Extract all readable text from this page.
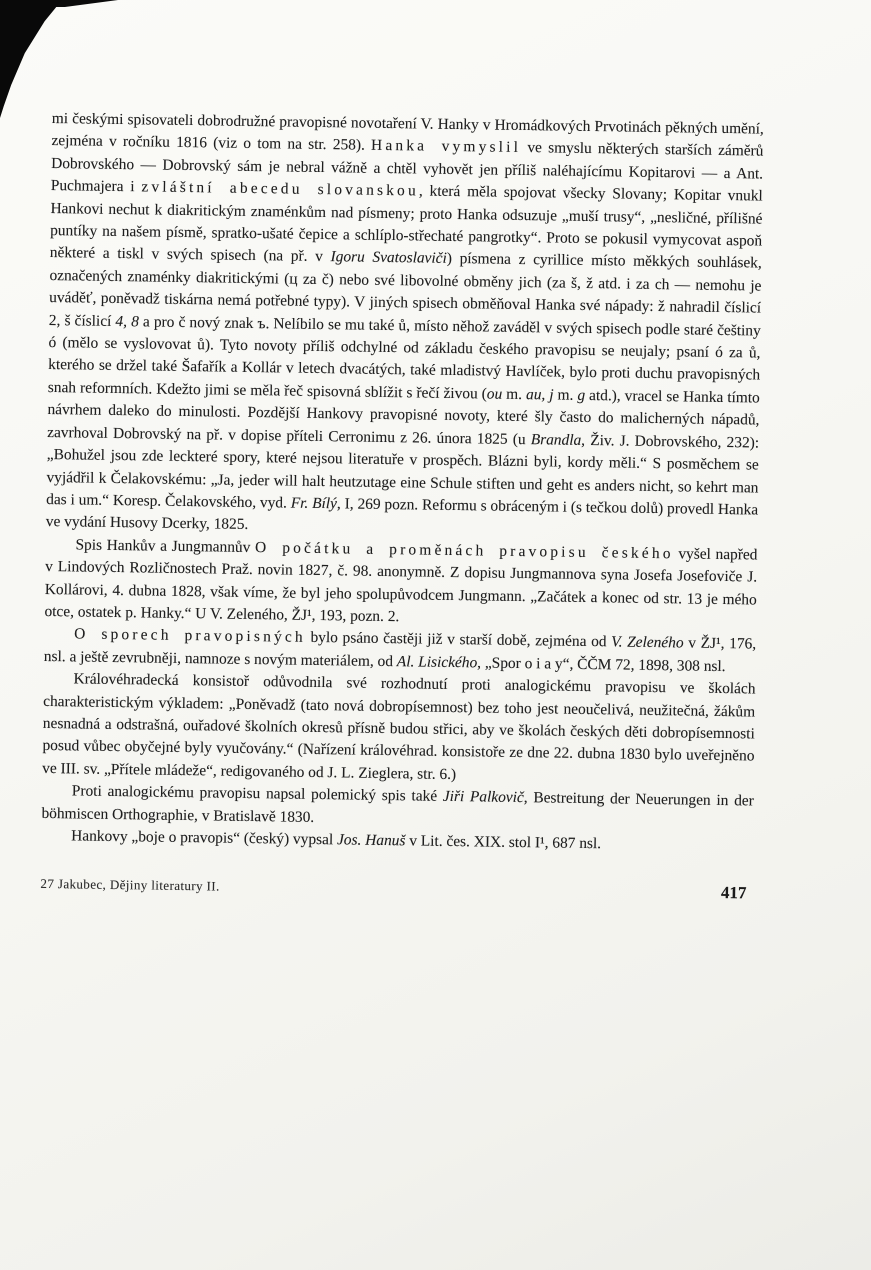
mi českými spisovateli dobrodružné pravopisné novotaření V. Hanky v Hromádkových Prvotinách pěkných umění, zejména v ročníku 1816 (viz o tom na str. 258). Hanka vymyslil ve smyslu některých starších záměrů Dobrovského — Dobrovský sám je nebral vážně a chtěl vyhovět jen příliš naléhajícímu Kopitarovi — a Ant. Puchmajera i zvláštní abecedu slovanskou, která měla spojovat všecky Slovany; Kopitar vnukl Hankovi nechut k diakritickým znaménkům nad písmeny; proto Hanka odsuzuje „muší trusy“, „nesličné, přílišné puntíky na našem písmě, spratko-ušaté čepice a schlíplo-střechaté pangrotky“. Proto se pokusil vymycovat aspoň některé a tiskl v svých spisech (na př. v Igoru Svatoslaviči) písmena z cyrillice místo měkkých souhlásek, označených znaménky diakritickými (ц za č) nebo své libovolné obměny jich (za š, ž atd. i za ch — nemohu je uváděť, poněvadž tiskárna nemá potřebné typy). V jiných spisech obměňoval Hanka své nápady: ž nahradil číslicí 2, š číslicí 4, 8 a pro č nový znak ъ. Nelíbilo se mu také ů, místo něhož zaváděl v svých spisech podle staré češtiny ó (mělo se vyslovovat ů). Tyto novoty příliš odchylné od základu českého pravopisu se neujaly; psaní ó za ů, kterého se držel také Šafařík a Kollár v letech dvacátých, také mladistvý Havlíček, bylo proti duchu pravopisných snah reformních. Kdežto jimi se měla řeč spisovná sblížit s řečí živou (ou m. au, j m. g atd.), vracel se Hanka tímto návrhem daleko do minulosti. Pozdější Hankovy pravopisné novoty, které šly často do malicherných nápadů, zavrhoval Dobrovský na př. v dopise příteli Cerronimu z 26. února 1825 (u Brandla, Živ. J. Dobrovského, 232): „Bohužel jsou zde leckteré spory, které nejsou literatuře v prospěch. Blázni byli, kordy měli.“ S posměchem se vyjádřil k Čelakovskému: „Ja, jeder will halt heutzutage eine Schule stiften und geht es anders nicht, so kehrt man das i um.“ Koresp. Čelakovského, vyd. Fr. Bílý, I, 269 pozn. Reformu s obráceným i (s tečkou dolů) provedl Hanka ve vydání Husovy Dcerky, 1825.

Spis Hankův a Jungmannův O počátku a proměnách pravopisu českého vyšel napřed v Lindových Rozličnostech Praž. novin 1827, č. 98. anonymně. Z dopisu Jungmannova syna Josefa Josefoviče J. Kollárovi, 4. dubna 1828, však víme, že byl jeho spolupůvodcem Jungmann. „Začátek a konec od str. 13 je mého otce, ostatek p. Hanky.“ U V. Zeleného, ŽJ¹, 193, pozn. 2.

O sporech pravopisných bylo psáno častěji již v starší době, zejména od V. Zeleného v ŽJ¹, 176, nsl. a ještě zevrubněji, namnoze s novým materiálem, od Al. Lisického, „Spor o i a y“, ČČM 72, 1898, 308 nsl.

Královéhradecká konsistoř odůvodnila své rozhodnutí proti analogickému pravopisu ve školách charakteristickým výkladem: „Poněvadž (tato nová dobropísemnost) bez toho jest neoučelivá, neužitečná, žákům nesnadná a odstrašná, ouřadové školních okresů přísně budou střici, aby ve školách českých děti dobropísemnosti posud vůbec obyčejné byly vyučovány.“ (Nařízení královéhrad. konsistoře ze dne 22. dubna 1830 bylo uveřejněno ve III. sv. „Přítele mládeže“, redigovaného od J. L. Zieglera, str. 6.)

Proti analogickému pravopisu napsal polemický spis také Jiři Palkovič, Bestreitung der Neuerungen in der böhmiscen Orthographie, v Bratislavě 1830.

Hankovy „boje o pravopis“ (český) vypsal Jos. Hanuš v Lit. čes. XIX. stol I¹, 687 nsl.

27 Jakubec, Dějiny literatury II.	417
